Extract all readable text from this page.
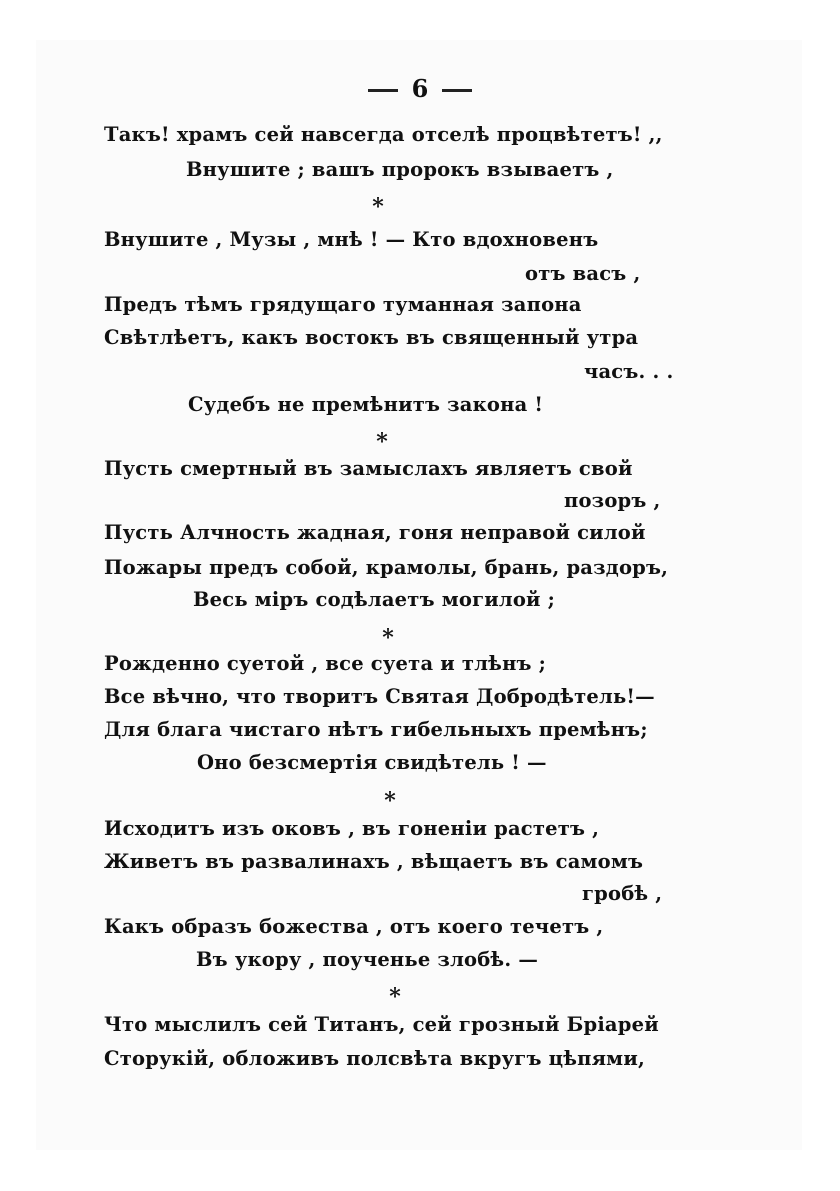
6
Такъ! храмъ сей навсегда отселѣ процвѣтетъ! ,,
Внушите ; вашъ пророкъ взываетъ ,
*
Внушите , Музы , мнѣ ! — Кто вдохновенъ
отъ васъ ,
Предъ тѣмъ грядущаго туманная запона
Свѣтлѣетъ, какъ востокъ въ священный утра
часъ. . .
Судебъ не премѣнитъ закона !
*
Пусть смертный въ замыслахъ являетъ свой
позоръ ,
Пусть Алчность жадная, гоня неправой силой
Пожары предъ собой, крамолы, брань, раздоръ,
Весь міръ содѣлаетъ могилой ;
*
Рожденно суетой , все суета и тлѣнъ ;
Все вѣчно, что творитъ Святая Добродѣтель!—
Для блага чистаго нѣтъ гибельныхъ премѣнъ;
Оно безсмертія свидѣтель ! —
*
Исходитъ изъ оковъ , въ гоненіи растетъ ,
Живетъ въ развалинахъ , вѣщаетъ въ самомъ
гробѣ ,
Какъ образъ божества , отъ коего течетъ ,
Въ укору , поученье злобѣ. —
*
Что мыслилъ сей Титанъ, сей грозный Бріарей
Сторукій, обложивъ полсвѣта вкругъ цѣпями,
